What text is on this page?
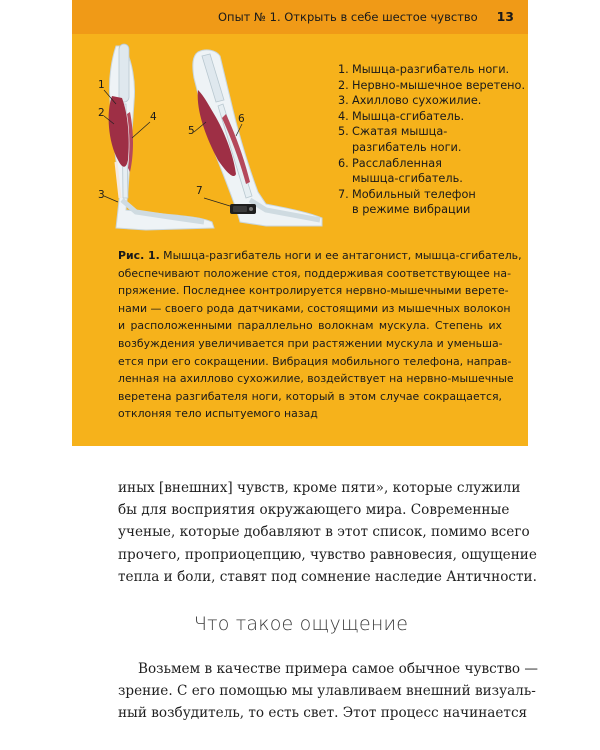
Опыт № 1. Открыть в себе шестое чувство 13
1
2
3
4
5
6
7
1. Мышца-разгибатель ноги.
2. Нервно-мышечное веретено.
3. Ахиллово сухожилие.
4. Мышца-сгибатель.
5. Сжатая мышца-
разгибатель ноги.
6. Расслабленная
мышца-сгибатель.
7. Мобильный телефон
в режиме вибрации
Рис. 1. Мышца-разгибатель ноги и ее антагонист, мышца-сгибатель,
обеспечивают положение стоя, поддерживая соответствующее на-
пряжение. Последнее контролируется нервно-мышечными верете-
нами — своего рода датчиками, состоящими из мышечных волокон
и расположенными параллельно волокнам мускула. Степень их
возбуждения увеличивается при растяжении мускула и уменьша-
ется при его сокращении. Вибрация мобильного телефона, направ-
ленная на ахиллово сухожилие, воздействует на нервно-мышечные
веретена разгибателя ноги, который в этом случае сокращается,
отклоняя тело испытуемого назад
иных [внешних] чувств, кроме пяти», которые служили
бы для восприятия окружающего мира. Современные
ученые, которые добавляют в этот список, помимо всего
прочего, проприоцепцию, чувство равновесия, ощущение
тепла и боли, ставят под сомнение наследие Античности.
Что такое ощущение
Возьмем в качестве примера самое обычное чувство —
зрение. С его помощью мы улавливаем внешний визуаль-
ный возбудитель, то есть свет. Этот процесс начинается
